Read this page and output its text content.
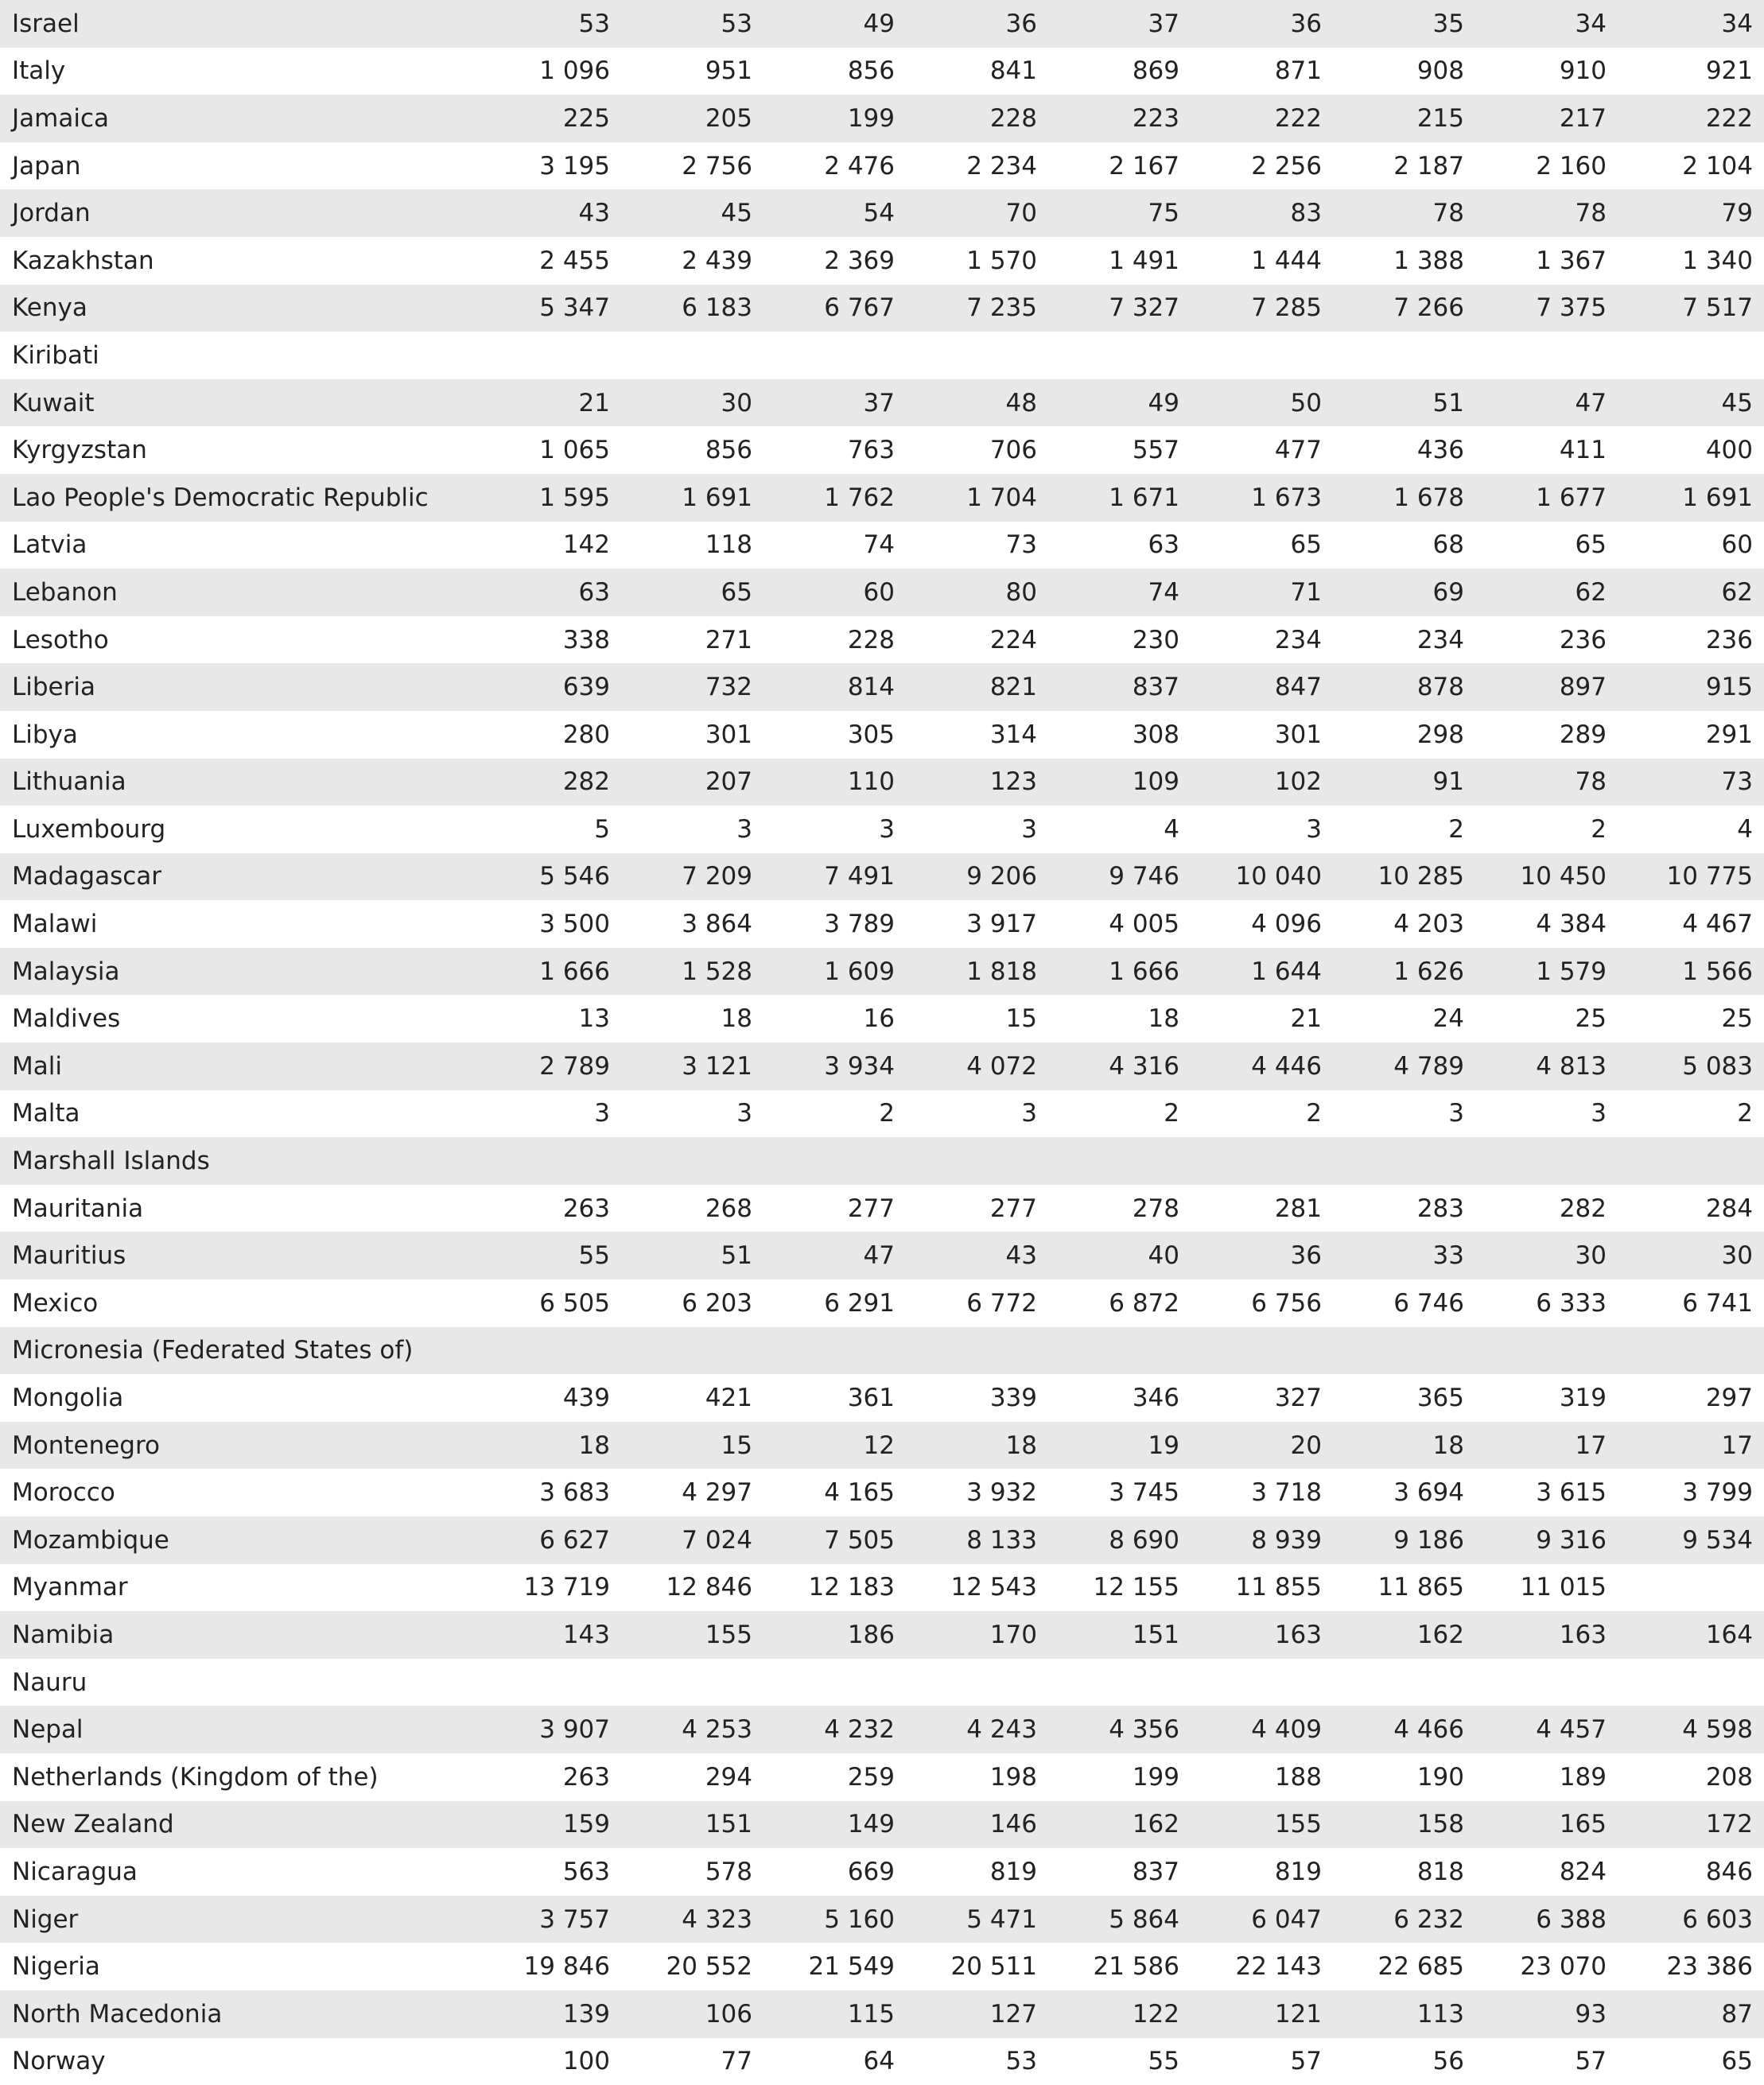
Israel	53	53	49	36	37	36	35	34	34
Italy	1 096	951	856	841	869	871	908	910	921
Jamaica	225	205	199	228	223	222	215	217	222
Japan	3 195	2 756	2 476	2 234	2 167	2 256	2 187	2 160	2 104
Jordan	43	45	54	70	75	83	78	78	79
Kazakhstan	2 455	2 439	2 369	1 570	1 491	1 444	1 388	1 367	1 340
Kenya	5 347	6 183	6 767	7 235	7 327	7 285	7 266	7 375	7 517
Kiribati									
Kuwait	21	30	37	48	49	50	51	47	45
Kyrgyzstan	1 065	856	763	706	557	477	436	411	400
Lao People's Democratic Republic	1 595	1 691	1 762	1 704	1 671	1 673	1 678	1 677	1 691
Latvia	142	118	74	73	63	65	68	65	60
Lebanon	63	65	60	80	74	71	69	62	62
Lesotho	338	271	228	224	230	234	234	236	236
Liberia	639	732	814	821	837	847	878	897	915
Libya	280	301	305	314	308	301	298	289	291
Lithuania	282	207	110	123	109	102	91	78	73
Luxembourg	5	3	3	3	4	3	2	2	4
Madagascar	5 546	7 209	7 491	9 206	9 746	10 040	10 285	10 450	10 775
Malawi	3 500	3 864	3 789	3 917	4 005	4 096	4 203	4 384	4 467
Malaysia	1 666	1 528	1 609	1 818	1 666	1 644	1 626	1 579	1 566
Maldives	13	18	16	15	18	21	24	25	25
Mali	2 789	3 121	3 934	4 072	4 316	4 446	4 789	4 813	5 083
Malta	3	3	2	3	2	2	3	3	2
Marshall Islands									
Mauritania	263	268	277	277	278	281	283	282	284
Mauritius	55	51	47	43	40	36	33	30	30
Mexico	6 505	6 203	6 291	6 772	6 872	6 756	6 746	6 333	6 741
Micronesia (Federated States of)									
Mongolia	439	421	361	339	346	327	365	319	297
Montenegro	18	15	12	18	19	20	18	17	17
Morocco	3 683	4 297	4 165	3 932	3 745	3 718	3 694	3 615	3 799
Mozambique	6 627	7 024	7 505	8 133	8 690	8 939	9 186	9 316	9 534
Myanmar	13 719	12 846	12 183	12 543	12 155	11 855	11 865	11 015	
Namibia	143	155	186	170	151	163	162	163	164
Nauru									
Nepal	3 907	4 253	4 232	4 243	4 356	4 409	4 466	4 457	4 598
Netherlands (Kingdom of the)	263	294	259	198	199	188	190	189	208
New Zealand	159	151	149	146	162	155	158	165	172
Nicaragua	563	578	669	819	837	819	818	824	846
Niger	3 757	4 323	5 160	5 471	5 864	6 047	6 232	6 388	6 603
Nigeria	19 846	20 552	21 549	20 511	21 586	22 143	22 685	23 070	23 386
North Macedonia	139	106	115	127	122	121	113	93	87
Norway	100	77	64	53	55	57	56	57	65
